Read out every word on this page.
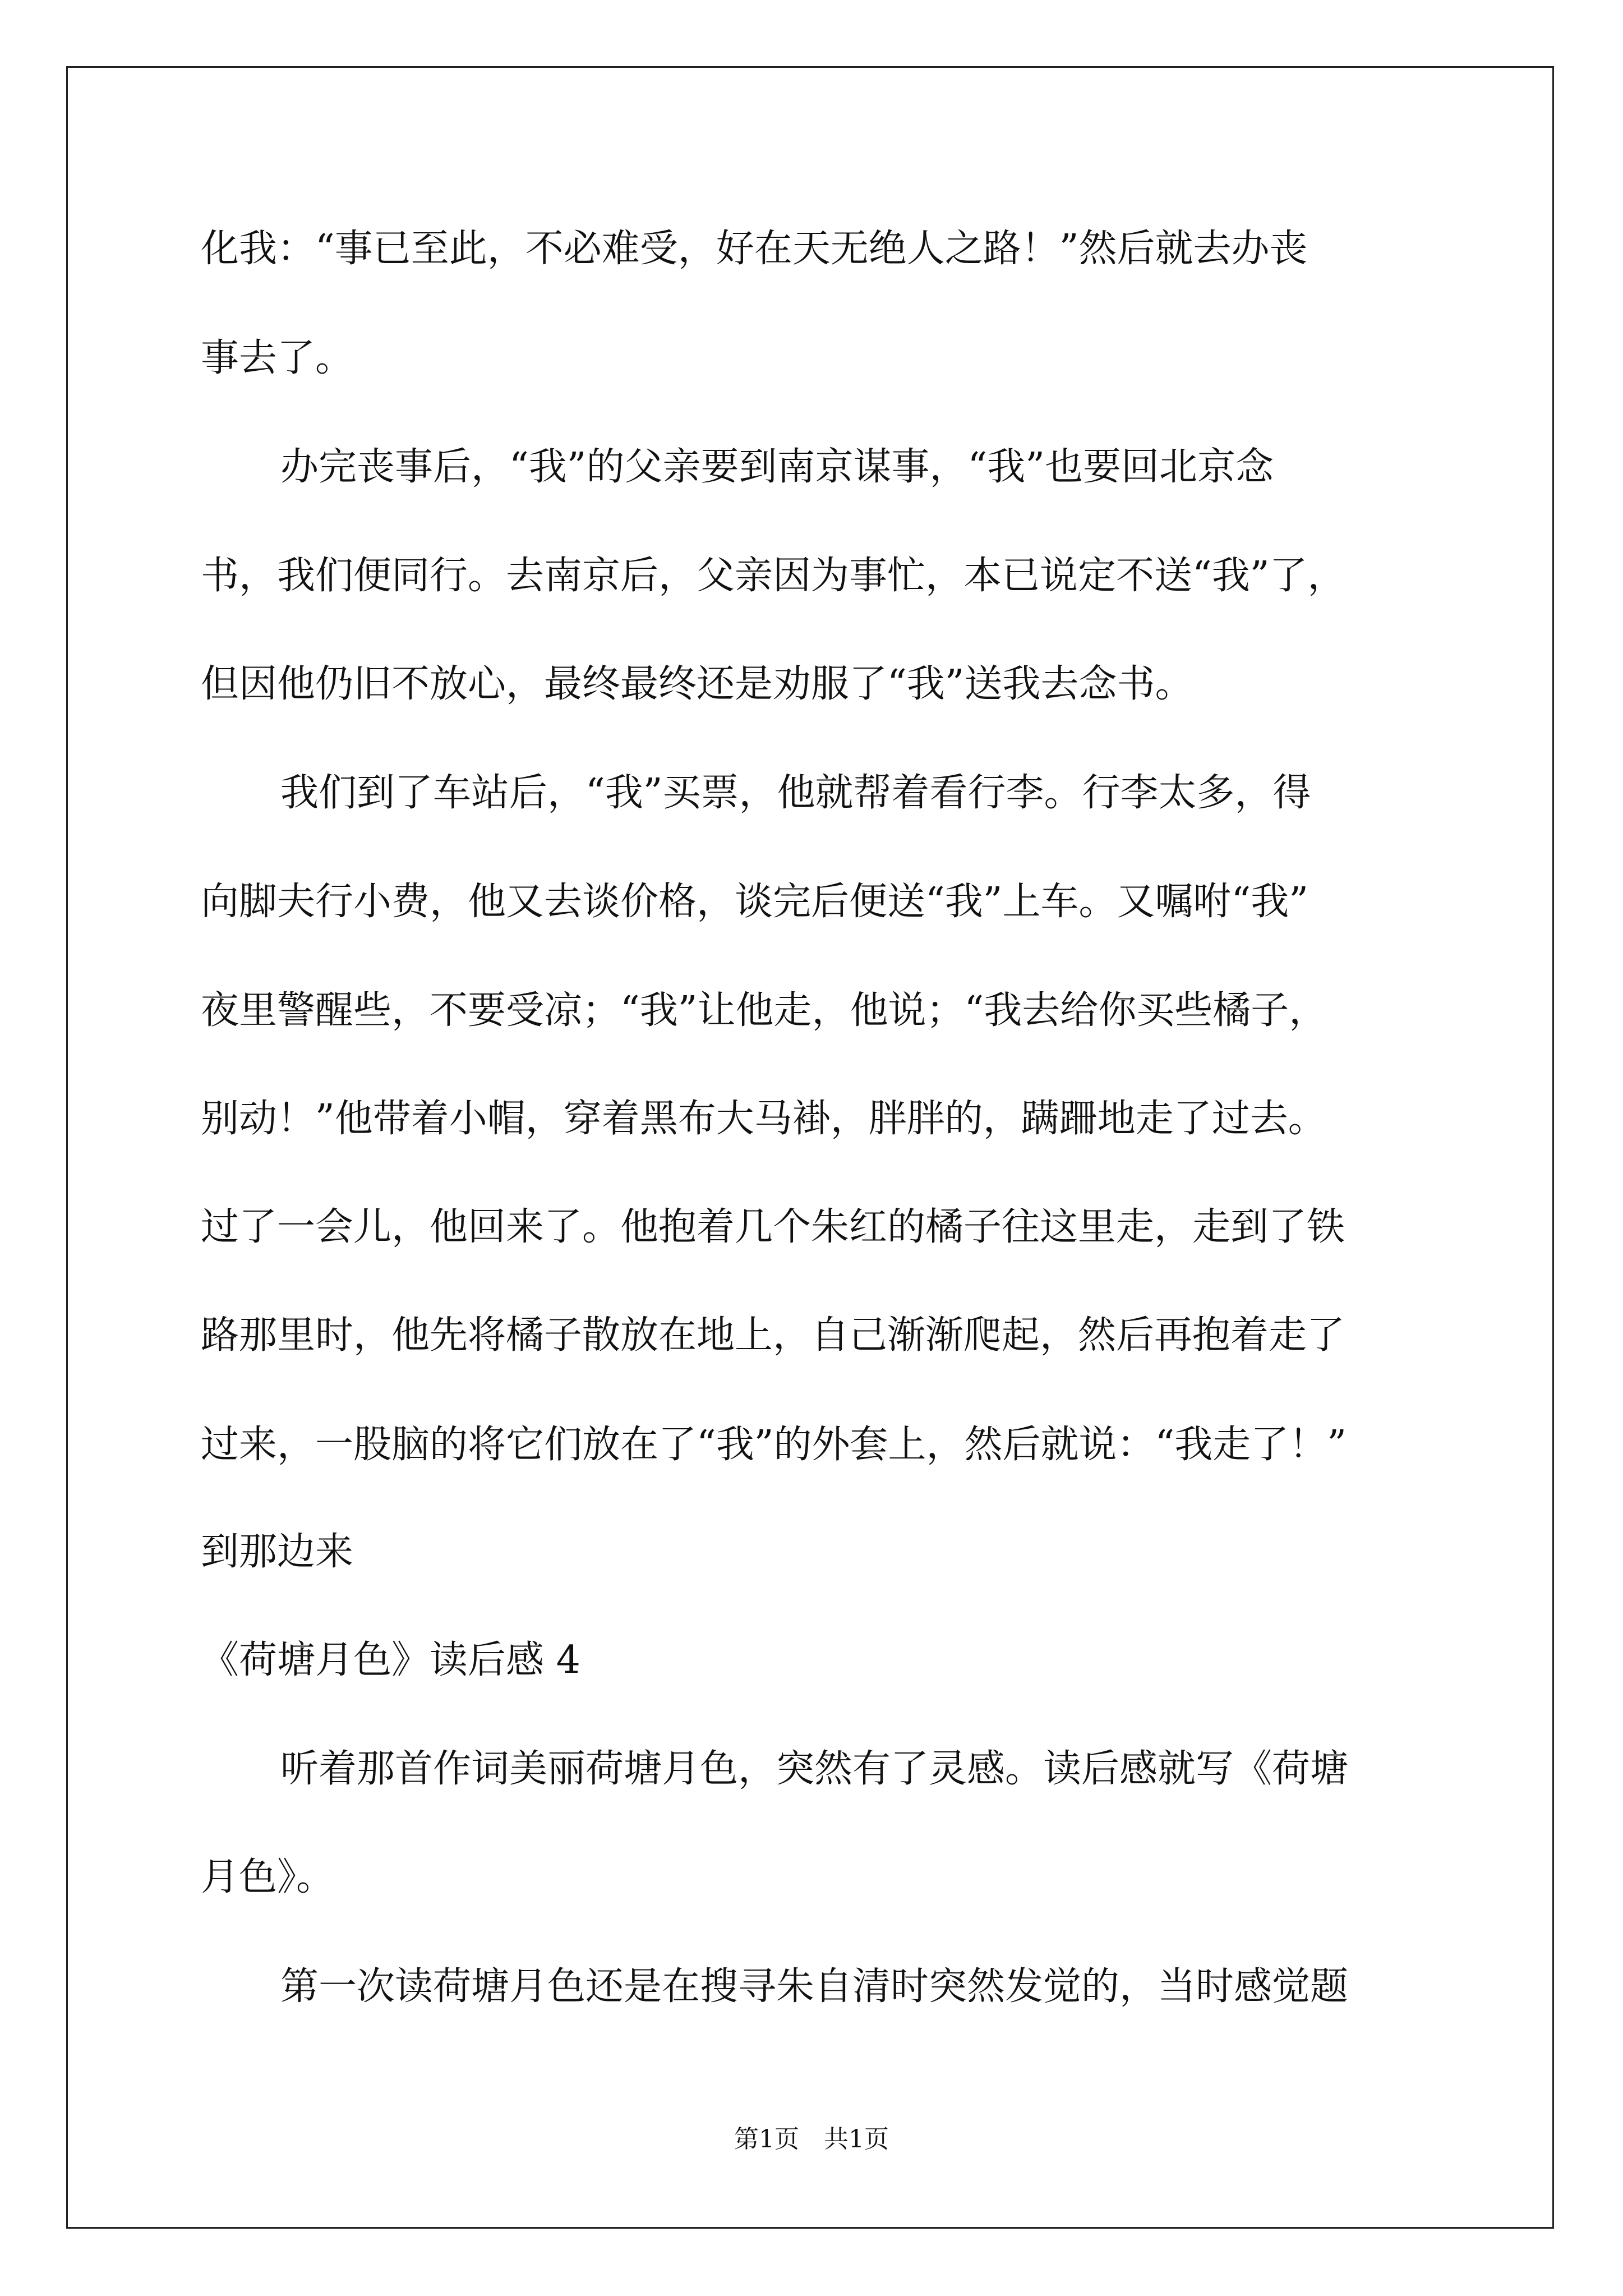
化我：“事已至此，不必难受，好在天无绝人之路！”然后就去办丧
事去了。
办完丧事后，“我”的父亲要到南京谋事，“我”也要回北京念
书，我们便同行。去南京后，父亲因为事忙，本已说定不送“我”了，
但因他仍旧不放心，最终最终还是劝服了“我”送我去念书。
我们到了车站后，“我”买票，他就帮着看行李。行李太多，得
向脚夫行小费，他又去谈价格，谈完后便送“我”上车。又嘱咐“我”
夜里警醒些，不要受凉；“我”让他走，他说；“我去给你买些橘子，
别动！”他带着小帽，穿着黑布大马褂，胖胖的，蹒跚地走了过去。
过了一会儿，他回来了。他抱着几个朱红的橘子往这里走，走到了铁
路那里时，他先将橘子散放在地上，自己渐渐爬起，然后再抱着走了
过来，一股脑的将它们放在了“我”的外套上，然后就说：“我走了！”
到那边来
《荷塘月色》读后感 4
听着那首作词美丽荷塘月色，突然有了灵感。读后感就写《荷塘
月色》。
第一次读荷塘月色还是在搜寻朱自清时突然发觉的，当时感觉题
第1页　共1页
